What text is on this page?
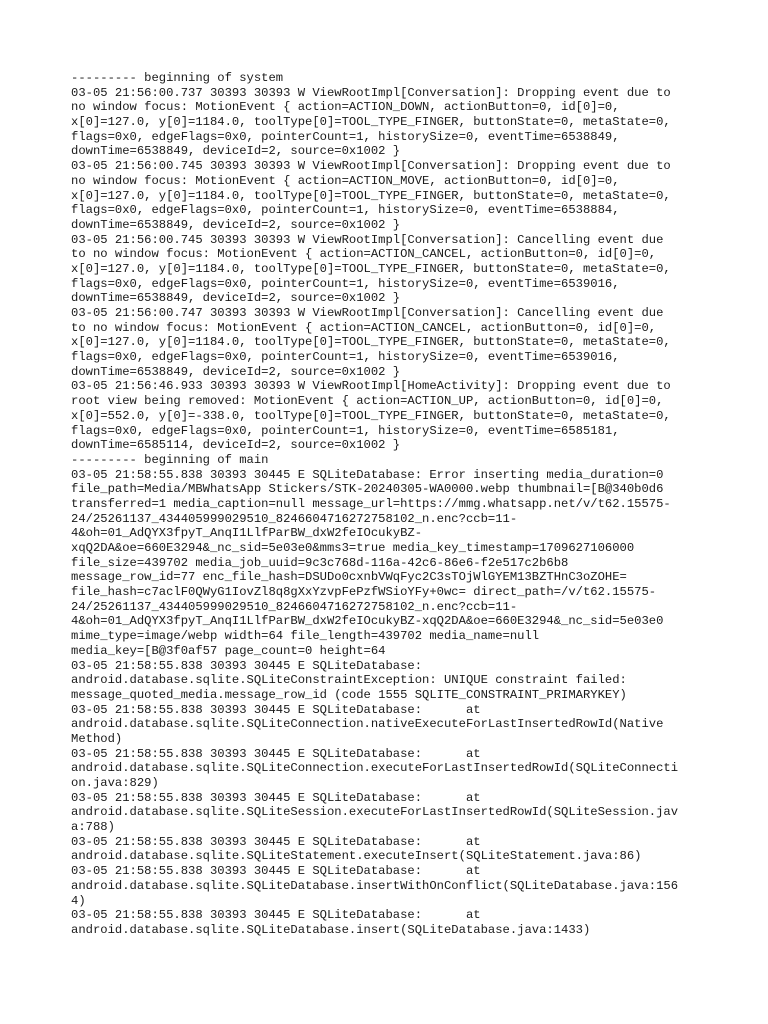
--------- beginning of system
03-05 21:56:00.737 30393 30393 W ViewRootImpl[Conversation]: Dropping event due to
no window focus: MotionEvent { action=ACTION_DOWN, actionButton=0, id[0]=0,
x[0]=127.0, y[0]=1184.0, toolType[0]=TOOL_TYPE_FINGER, buttonState=0, metaState=0,
flags=0x0, edgeFlags=0x0, pointerCount=1, historySize=0, eventTime=6538849,
downTime=6538849, deviceId=2, source=0x1002 }
03-05 21:56:00.745 30393 30393 W ViewRootImpl[Conversation]: Dropping event due to
no window focus: MotionEvent { action=ACTION_MOVE, actionButton=0, id[0]=0,
x[0]=127.0, y[0]=1184.0, toolType[0]=TOOL_TYPE_FINGER, buttonState=0, metaState=0,
flags=0x0, edgeFlags=0x0, pointerCount=1, historySize=0, eventTime=6538884,
downTime=6538849, deviceId=2, source=0x1002 }
03-05 21:56:00.745 30393 30393 W ViewRootImpl[Conversation]: Cancelling event due
to no window focus: MotionEvent { action=ACTION_CANCEL, actionButton=0, id[0]=0,
x[0]=127.0, y[0]=1184.0, toolType[0]=TOOL_TYPE_FINGER, buttonState=0, metaState=0,
flags=0x0, edgeFlags=0x0, pointerCount=1, historySize=0, eventTime=6539016,
downTime=6538849, deviceId=2, source=0x1002 }
03-05 21:56:00.747 30393 30393 W ViewRootImpl[Conversation]: Cancelling event due
to no window focus: MotionEvent { action=ACTION_CANCEL, actionButton=0, id[0]=0,
x[0]=127.0, y[0]=1184.0, toolType[0]=TOOL_TYPE_FINGER, buttonState=0, metaState=0,
flags=0x0, edgeFlags=0x0, pointerCount=1, historySize=0, eventTime=6539016,
downTime=6538849, deviceId=2, source=0x1002 }
03-05 21:56:46.933 30393 30393 W ViewRootImpl[HomeActivity]: Dropping event due to
root view being removed: MotionEvent { action=ACTION_UP, actionButton=0, id[0]=0,
x[0]=552.0, y[0]=-338.0, toolType[0]=TOOL_TYPE_FINGER, buttonState=0, metaState=0,
flags=0x0, edgeFlags=0x0, pointerCount=1, historySize=0, eventTime=6585181,
downTime=6585114, deviceId=2, source=0x1002 }
--------- beginning of main
03-05 21:58:55.838 30393 30445 E SQLiteDatabase: Error inserting media_duration=0
file_path=Media/MBWhatsApp Stickers/STK-20240305-WA0000.webp thumbnail=[B@340b0d6
transferred=1 media_caption=null message_url=https://mmg.whatsapp.net/v/t62.15575-
24/25261137_434405999029510_8246604716272758102_n.enc?ccb=11-
4&oh=01_AdQYX3fpyT_AnqI1LlfParBW_dxW2feIOcukyBZ-
xqQ2DA&oe=660E3294&_nc_sid=5e03e0&mms3=true media_key_timestamp=1709627106000
file_size=439702 media_job_uuid=9c3c768d-116a-42c6-86e6-f2e517c2b6b8
message_row_id=77 enc_file_hash=DSUDo0cxnbVWqFyc2C3sTOjWlGYEM13BZTHnC3oZOHE=
file_hash=c7aclF0QWyG1IovZl8q8gXxYzvpFePzfWSioYFy+0wc= direct_path=/v/t62.15575-
24/25261137_434405999029510_8246604716272758102_n.enc?ccb=11-
4&oh=01_AdQYX3fpyT_AnqI1LlfParBW_dxW2feIOcukyBZ-xqQ2DA&oe=660E3294&_nc_sid=5e03e0
mime_type=image/webp width=64 file_length=439702 media_name=null
media_key=[B@3f0af57 page_count=0 height=64
03-05 21:58:55.838 30393 30445 E SQLiteDatabase:
android.database.sqlite.SQLiteConstraintException: UNIQUE constraint failed:
message_quoted_media.message_row_id (code 1555 SQLITE_CONSTRAINT_PRIMARYKEY)
03-05 21:58:55.838 30393 30445 E SQLiteDatabase:      at
android.database.sqlite.SQLiteConnection.nativeExecuteForLastInsertedRowId(Native
Method)
03-05 21:58:55.838 30393 30445 E SQLiteDatabase:      at
android.database.sqlite.SQLiteConnection.executeForLastInsertedRowId(SQLiteConnecti
on.java:829)
03-05 21:58:55.838 30393 30445 E SQLiteDatabase:      at
android.database.sqlite.SQLiteSession.executeForLastInsertedRowId(SQLiteSession.jav
a:788)
03-05 21:58:55.838 30393 30445 E SQLiteDatabase:      at
android.database.sqlite.SQLiteStatement.executeInsert(SQLiteStatement.java:86)
03-05 21:58:55.838 30393 30445 E SQLiteDatabase:      at
android.database.sqlite.SQLiteDatabase.insertWithOnConflict(SQLiteDatabase.java:156
4)
03-05 21:58:55.838 30393 30445 E SQLiteDatabase:      at
android.database.sqlite.SQLiteDatabase.insert(SQLiteDatabase.java:1433)
